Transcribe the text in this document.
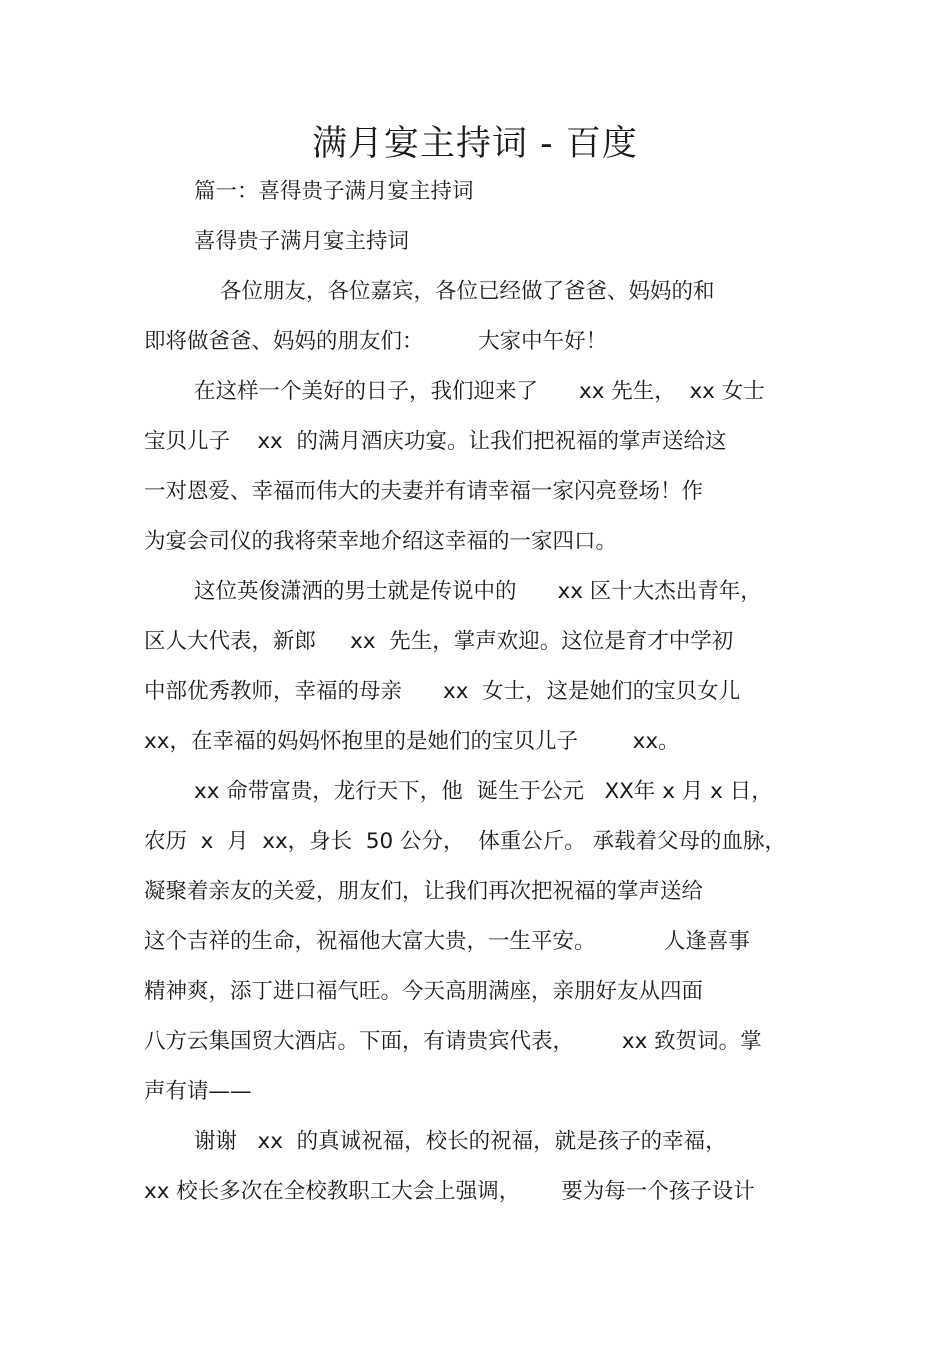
满月宴主持词 - 百度
篇一：喜得贵子满月宴主持词
喜得贵子满月宴主持词
各位朋友，各位嘉宾，各位已经做了爸爸、妈妈的和
即将做爸爸、妈妈的朋友们：        大家中午好！
在这样一个美好的日子，我们迎来了      xx 先生，  xx 女士
宝贝儿子    xx  的满月酒庆功宴。让我们把祝福的掌声送给这
一对恩爱、幸福而伟大的夫妻并有请幸福一家闪亮登场！作
为宴会司仪的我将荣幸地介绍这幸福的一家四口。
这位英俊潇洒的男士就是传说中的      xx 区十大杰出青年，
区人大代表，新郎     xx  先生，掌声欢迎。这位是育才中学初
中部优秀教师，幸福的母亲      xx  女士，这是她们的宝贝女儿
xx，在幸福的妈妈怀抱里的是她们的宝贝儿子        xx。
xx 命带富贵，龙行天下，他  诞生于公元   XX年 x 月 x 日，
农历  x  月  xx，身长  50 公分，  体重公斤。 承载着父母的血脉，
凝聚着亲友的关爱，朋友们，让我们再次把祝福的掌声送给
这个吉祥的生命，祝福他大富大贵，一生平安。          人逢喜事
精神爽，添丁进口福气旺。今天高朋满座，亲朋好友从四面
八方云集国贸大酒店。下面，有请贵宾代表，       xx 致贺词。掌
声有请——
谢谢   xx  的真诚祝福，校长的祝福，就是孩子的幸福，
xx 校长多次在全校教职工大会上强调，      要为每一个孩子设计
